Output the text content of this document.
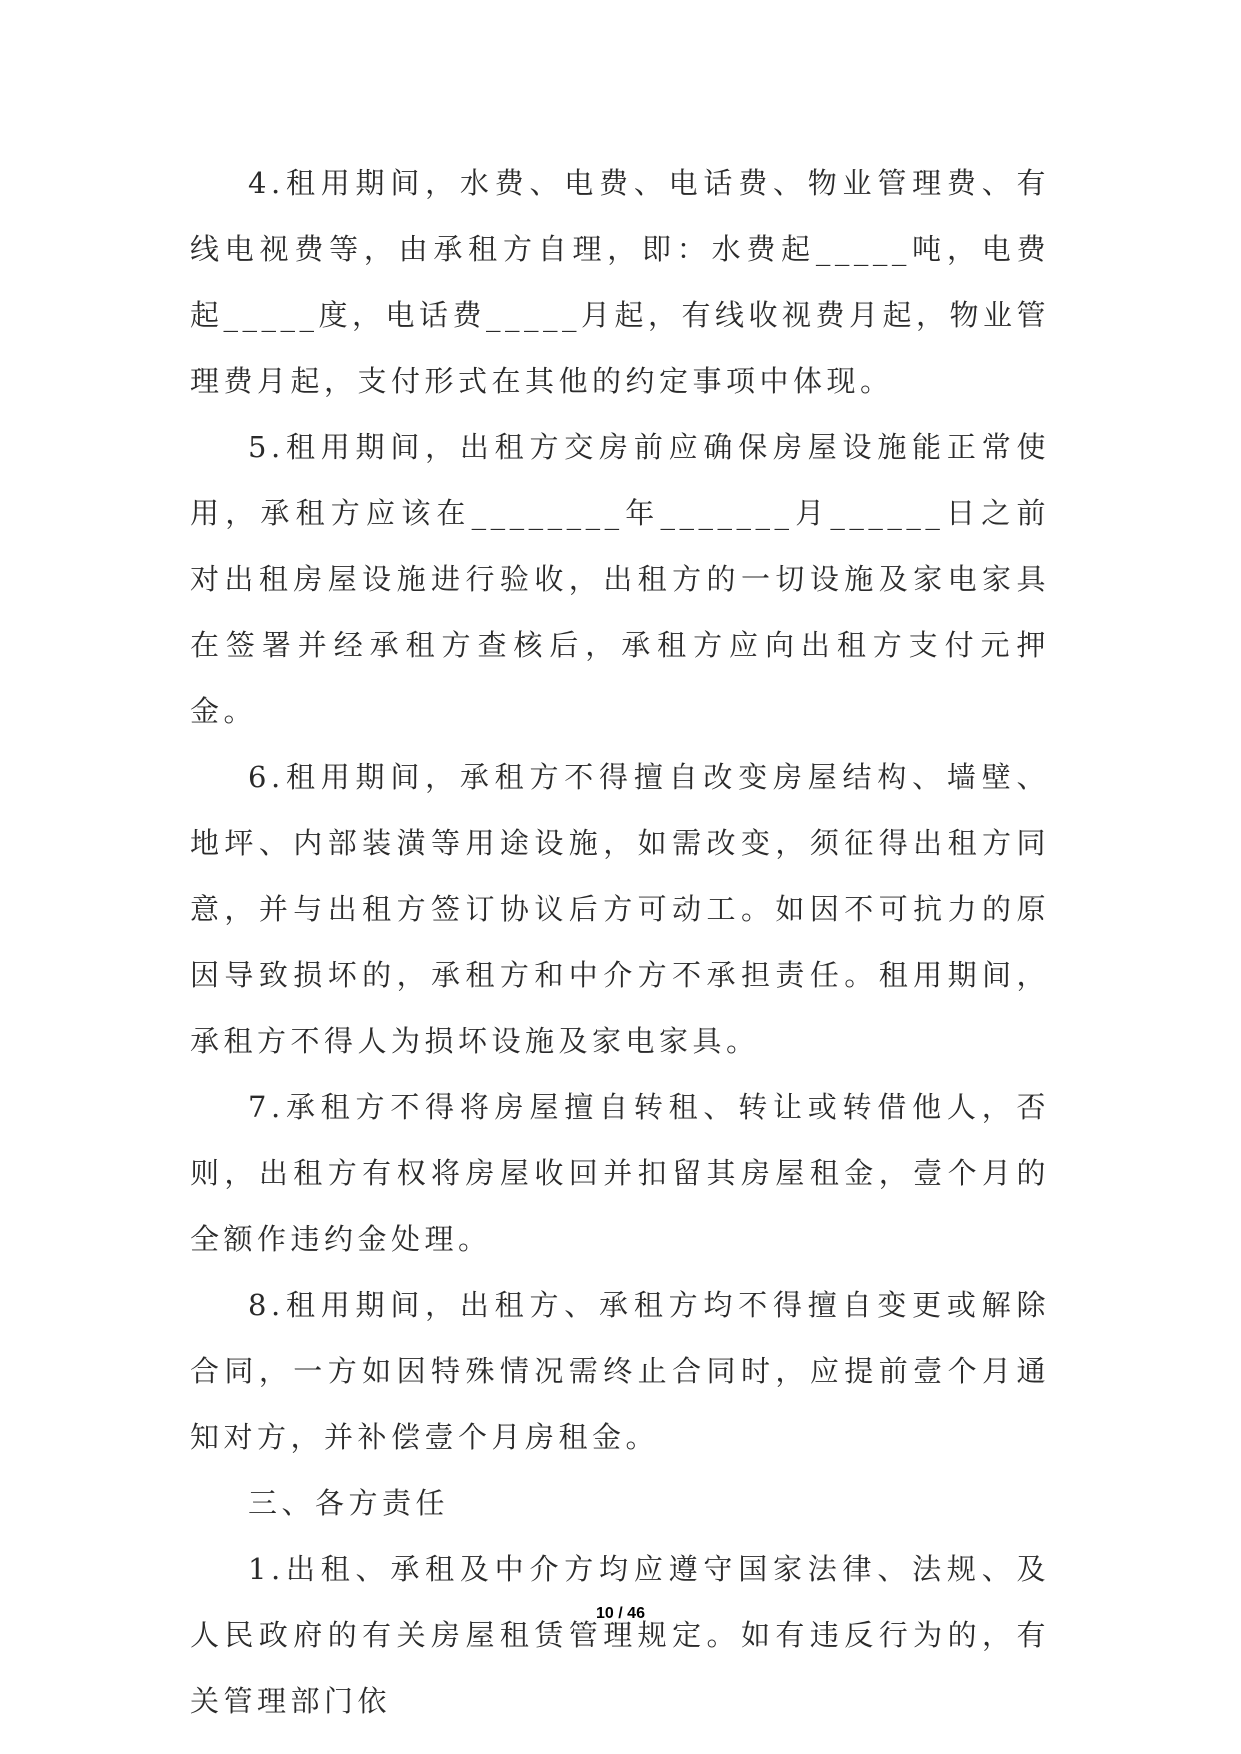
4.租用期间，水费、电费、电话费、物业管理费、有线电视费等，由承租方自理，即：水费起_____吨，电费起_____度，电话费_____月起，有线收视费月起，物业管理费月起，支付形式在其他的约定事项中体现。

5.租用期间，出租方交房前应确保房屋设施能正常使用，承租方应该在________年_______月______日之前对出租房屋设施进行验收，出租方的一切设施及家电家具在签署并经承租方查核后，承租方应向出租方支付元押金。

6.租用期间，承租方不得擅自改变房屋结构、墙壁、地坪、内部装潢等用途设施，如需改变，须征得出租方同意，并与出租方签订协议后方可动工。如因不可抗力的原因导致损坏的，承租方和中介方不承担责任。租用期间，承租方不得人为损坏设施及家电家具。

7.承租方不得将房屋擅自转租、转让或转借他人，否则，出租方有权将房屋收回并扣留其房屋租金，壹个月的全额作违约金处理。

8.租用期间，出租方、承租方均不得擅自变更或解除合同，一方如因特殊情况需终止合同时，应提前壹个月通知对方，并补偿壹个月房租金。

三、各方责任

1.出租、承租及中介方均应遵守国家法律、法规、及人民政府的有关房屋租赁管理规定。如有违反行为的，有关管理部门依

10 / 46
